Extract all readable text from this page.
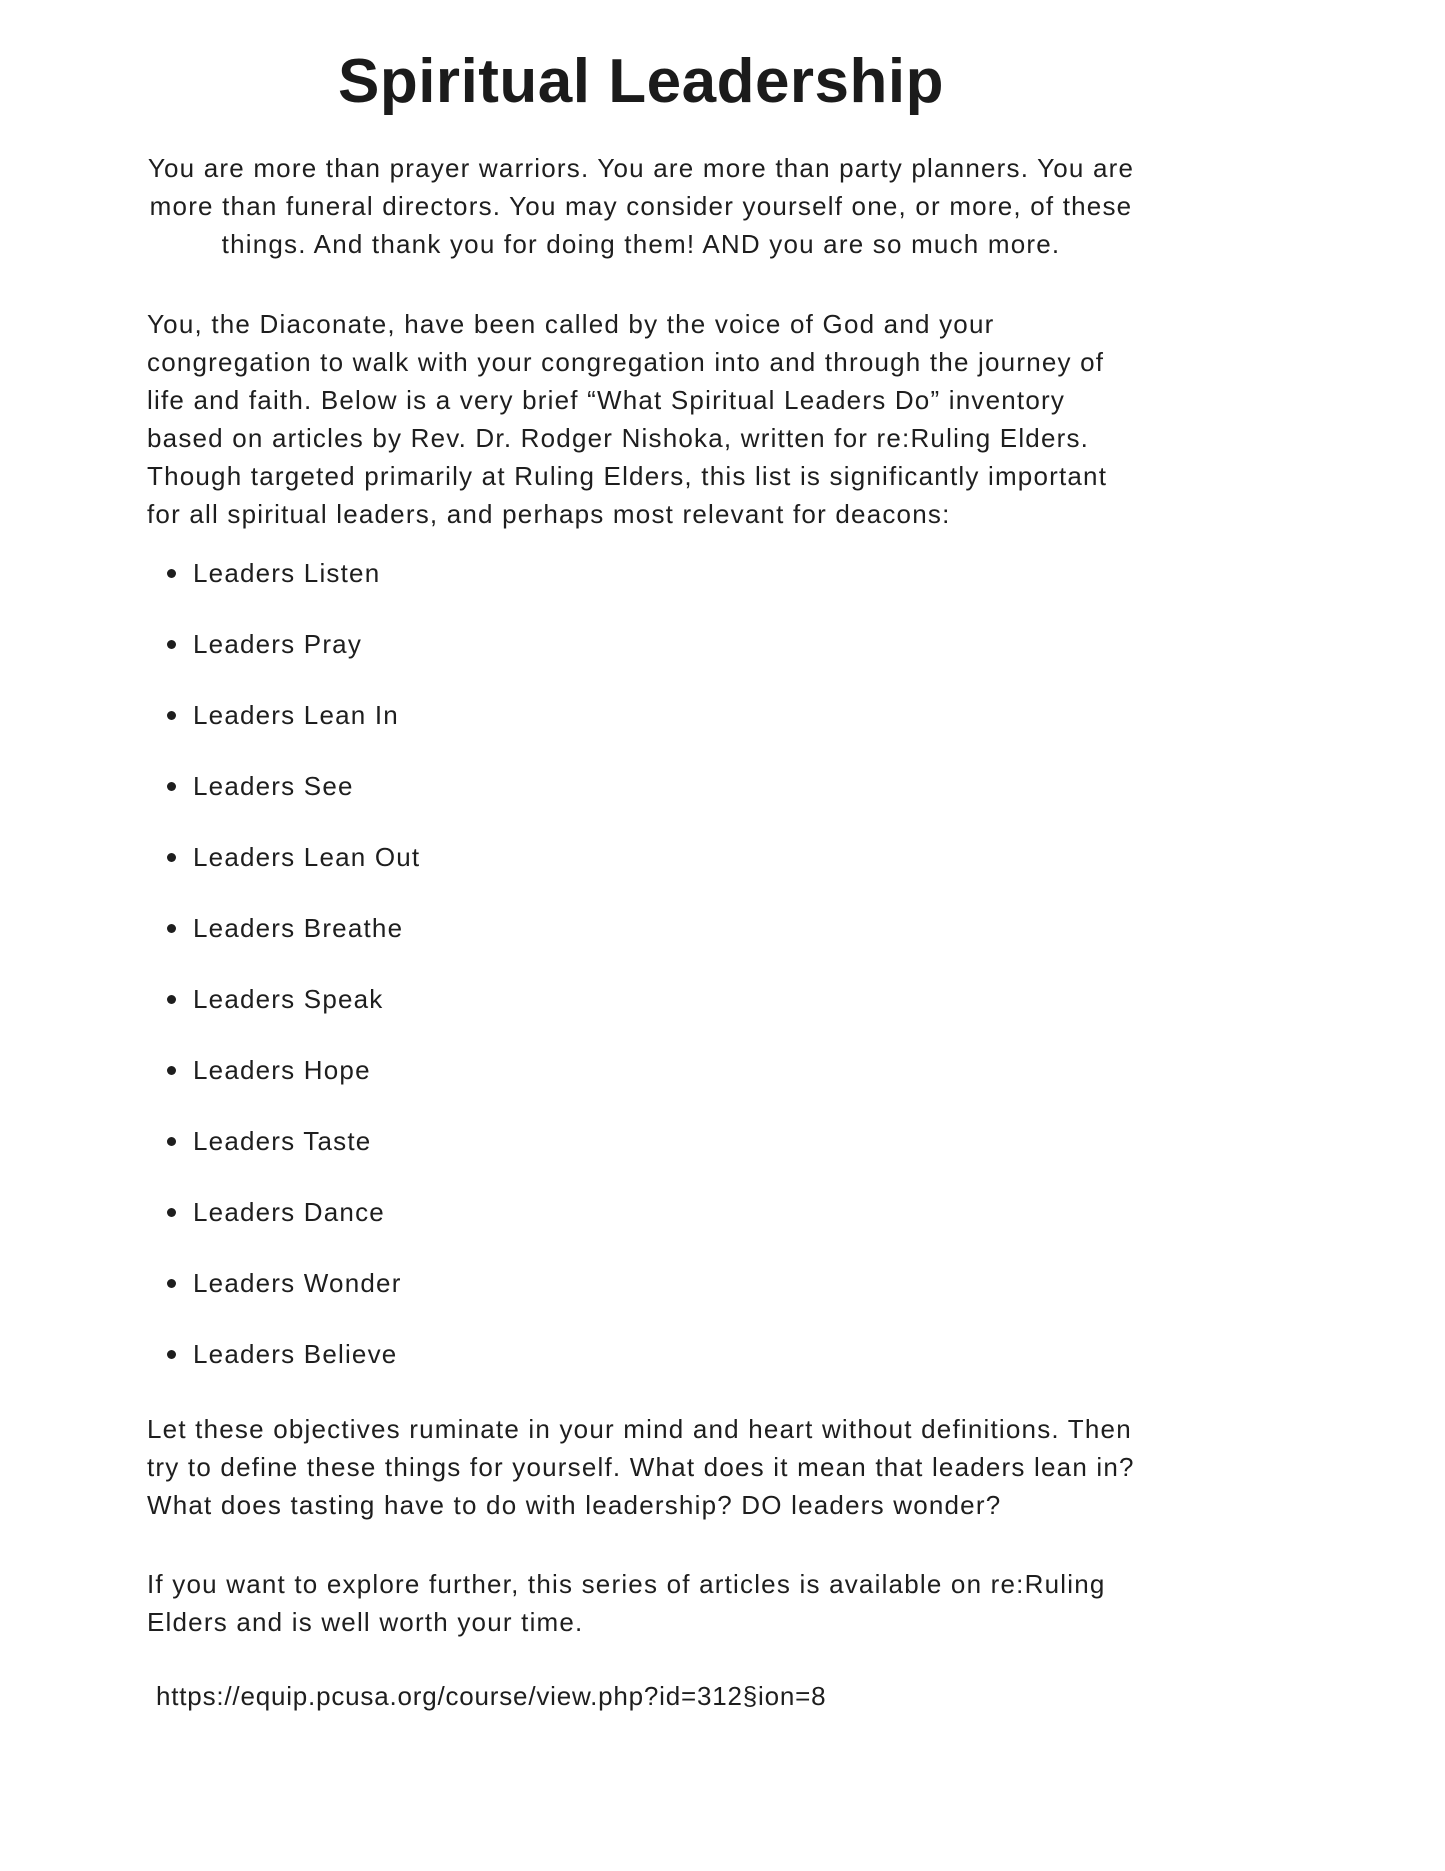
Spiritual Leadership

You are more than prayer warriors. You are more than party planners. You are more than funeral directors. You may consider yourself one, or more, of these things. And thank you for doing them! AND you are so much more.

You, the Diaconate, have been called by the voice of God and your congregation to walk with your congregation into and through the journey of life and faith. Below is a very brief “What Spiritual Leaders Do” inventory based on articles by Rev. Dr. Rodger Nishoka, written for re:Ruling Elders. Though targeted primarily at Ruling Elders, this list is significantly important for all spiritual leaders, and perhaps most relevant for deacons:

Leaders Listen
Leaders Pray
Leaders Lean In
Leaders See
Leaders Lean Out
Leaders Breathe
Leaders Speak
Leaders Hope
Leaders Taste
Leaders Dance
Leaders Wonder
Leaders Believe

Let these objectives ruminate in your mind and heart without definitions. Then try to define these things for yourself. What does it mean that leaders lean in? What does tasting have to do with leadership? DO leaders wonder?

If you want to explore further, this series of articles is available on re:Ruling Elders and is well worth your time.

https://equip.pcusa.org/course/view.php?id=312§ion=8
